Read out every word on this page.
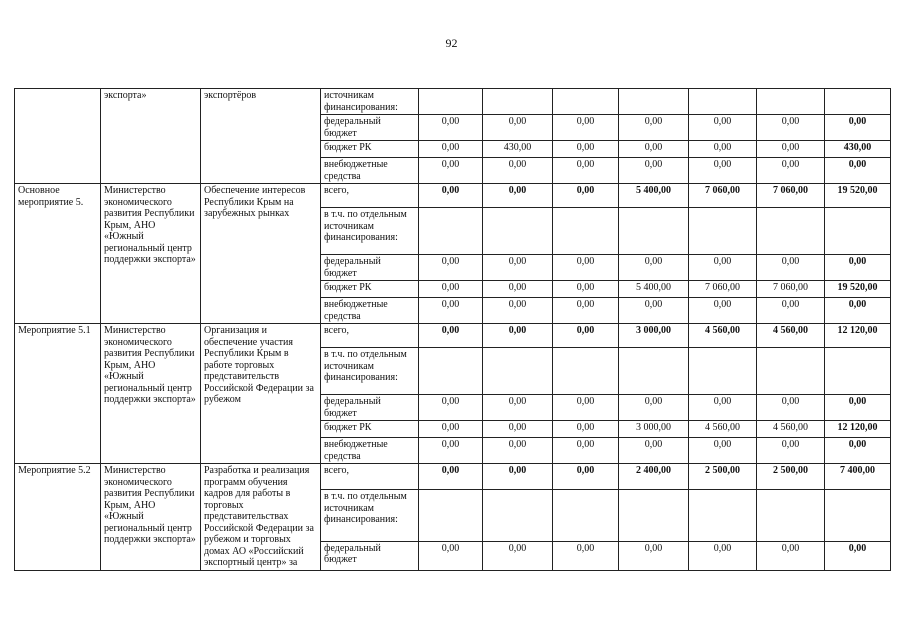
92
	экспорта»	экспортёров	источникам финансирования:							
			федеральный бюджет	0,00	0,00	0,00	0,00	0,00	0,00	0,00
			бюджет РК	0,00	430,00	0,00	0,00	0,00	0,00	430,00
			внебюджетные средства	0,00	0,00	0,00	0,00	0,00	0,00	0,00
Основное мероприятие 5.	Министерство экономического развития Республики Крым, АНО «Южный региональный центр поддержки экспорта»	Обеспечение интересов Республики Крым на зарубежных рынках	всего,	0,00	0,00	0,00	5 400,00	7 060,00	7 060,00	19 520,00
			в т.ч. по отдельным источникам финансирования:							
			федеральный бюджет	0,00	0,00	0,00	0,00	0,00	0,00	0,00
			бюджет РК	0,00	0,00	0,00	5 400,00	7 060,00	7 060,00	19 520,00
			внебюджетные средства	0,00	0,00	0,00	0,00	0,00	0,00	0,00
Мероприятие 5.1	Министерство экономического развития Республики Крым, АНО «Южный региональный центр поддержки экспорта»	Организация и обеспечение участия Республики Крым в работе торговых представительств Российской Федерации за рубежом	всего,	0,00	0,00	0,00	3 000,00	4 560,00	4 560,00	12 120,00
			в т.ч. по отдельным источникам финансирования:							
			федеральный бюджет	0,00	0,00	0,00	0,00	0,00	0,00	0,00
			бюджет РК	0,00	0,00	0,00	3 000,00	4 560,00	4 560,00	12 120,00
			внебюджетные средства	0,00	0,00	0,00	0,00	0,00	0,00	0,00
Мероприятие 5.2	Министерство экономического развития Республики Крым, АНО «Южный региональный центр поддержки экспорта»	Разработка и реализация программ обучения кадров для работы в торговых представительствах Российской Федерации за рубежом и торговых домах АО «Российский экспортный центр» за	всего,	0,00	0,00	0,00	2 400,00	2 500,00	2 500,00	7 400,00
			в т.ч. по отдельным источникам финансирования:							
			федеральный бюджет	0,00	0,00	0,00	0,00	0,00	0,00	0,00
